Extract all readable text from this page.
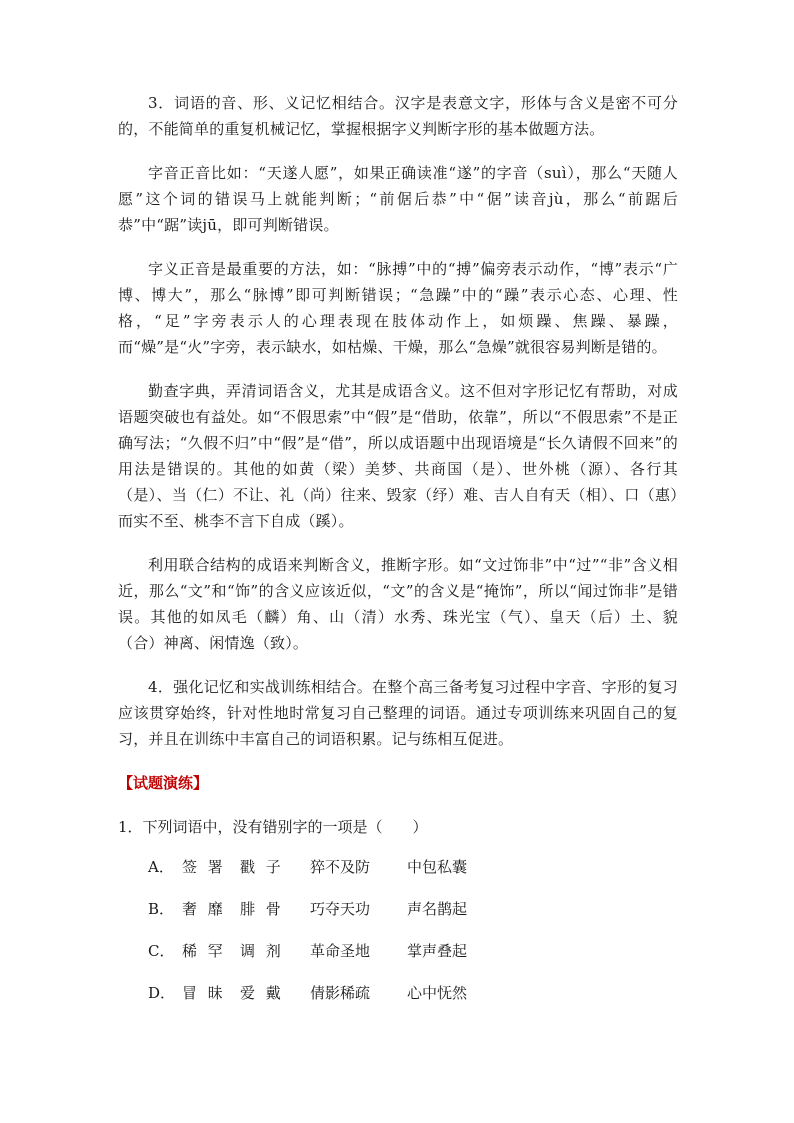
3．词语的音、形、义记忆相结合。汉字是表意文字，形体与含义是密不可分的，不能简单的重复机械记忆，掌握根据字义判断字形的基本做题方法。

字音正音比如：“天遂人愿”，如果正确读准“遂”的字音（suì），那么“天随人愿”这个词的错误马上就能判断；“前倨后恭”中“倨”读音jù，那么“前踞后恭”中“踞”读jū，即可判断错误。

字义正音是最重要的方法，如：“脉搏”中的“搏”偏旁表示动作，“博”表示“广博、博大”，那么“脉博”即可判断错误；“急躁”中的“躁”表示心态、心理、性格，“足”字旁表示人的心理表现在肢体动作上，如烦躁、焦躁、暴躁，而“燥”是“火”字旁，表示缺水，如枯燥、干燥，那么“急燥”就很容易判断是错的。

勤查字典，弄清词语含义，尤其是成语含义。这不但对字形记忆有帮助，对成语题突破也有益处。如“不假思索”中“假”是“借助，依靠”，所以“不假思索”不是正确写法；“久假不归”中“假”是“借”，所以成语题中出现语境是“长久请假不回来”的用法是错误的。其他的如黄（梁）美梦、共商国（是）、世外桃（源）、各行其（是）、当（仁）不让、礼（尚）往来、毁家（纾）难、吉人自有天（相）、口（惠）而实不至、桃李不言下自成（蹊）。

利用联合结构的成语来判断含义，推断字形。如“文过饰非”中“过”“非”含义相近，那么“文”和“饰”的含义应该近似，“文”的含义是“掩饰”，所以“闻过饰非”是错误。其他的如凤毛（麟）角、山（清）水秀、珠光宝（气）、皇天（后）土、貌（合）神离、闲情逸（致）。

4．强化记忆和实战训练相结合。在整个高三备考复习过程中字音、字形的复习应该贯穿始终，针对性地时常复习自己整理的词语。通过专项训练来巩固自己的复习，并且在训练中丰富自己的词语积累。记与练相互促进。

【试题演练】
1．下列词语中，没有错别字的一项是（　　）
A． 签 署 戳 子	猝不及防	中包私囊
B． 奢 靡 腓 骨	巧夺天功	声名鹊起
C． 稀 罕 调 剂	革命圣地	掌声叠起
D． 冒 昧 爱 戴	倩影稀疏	心中怃然
